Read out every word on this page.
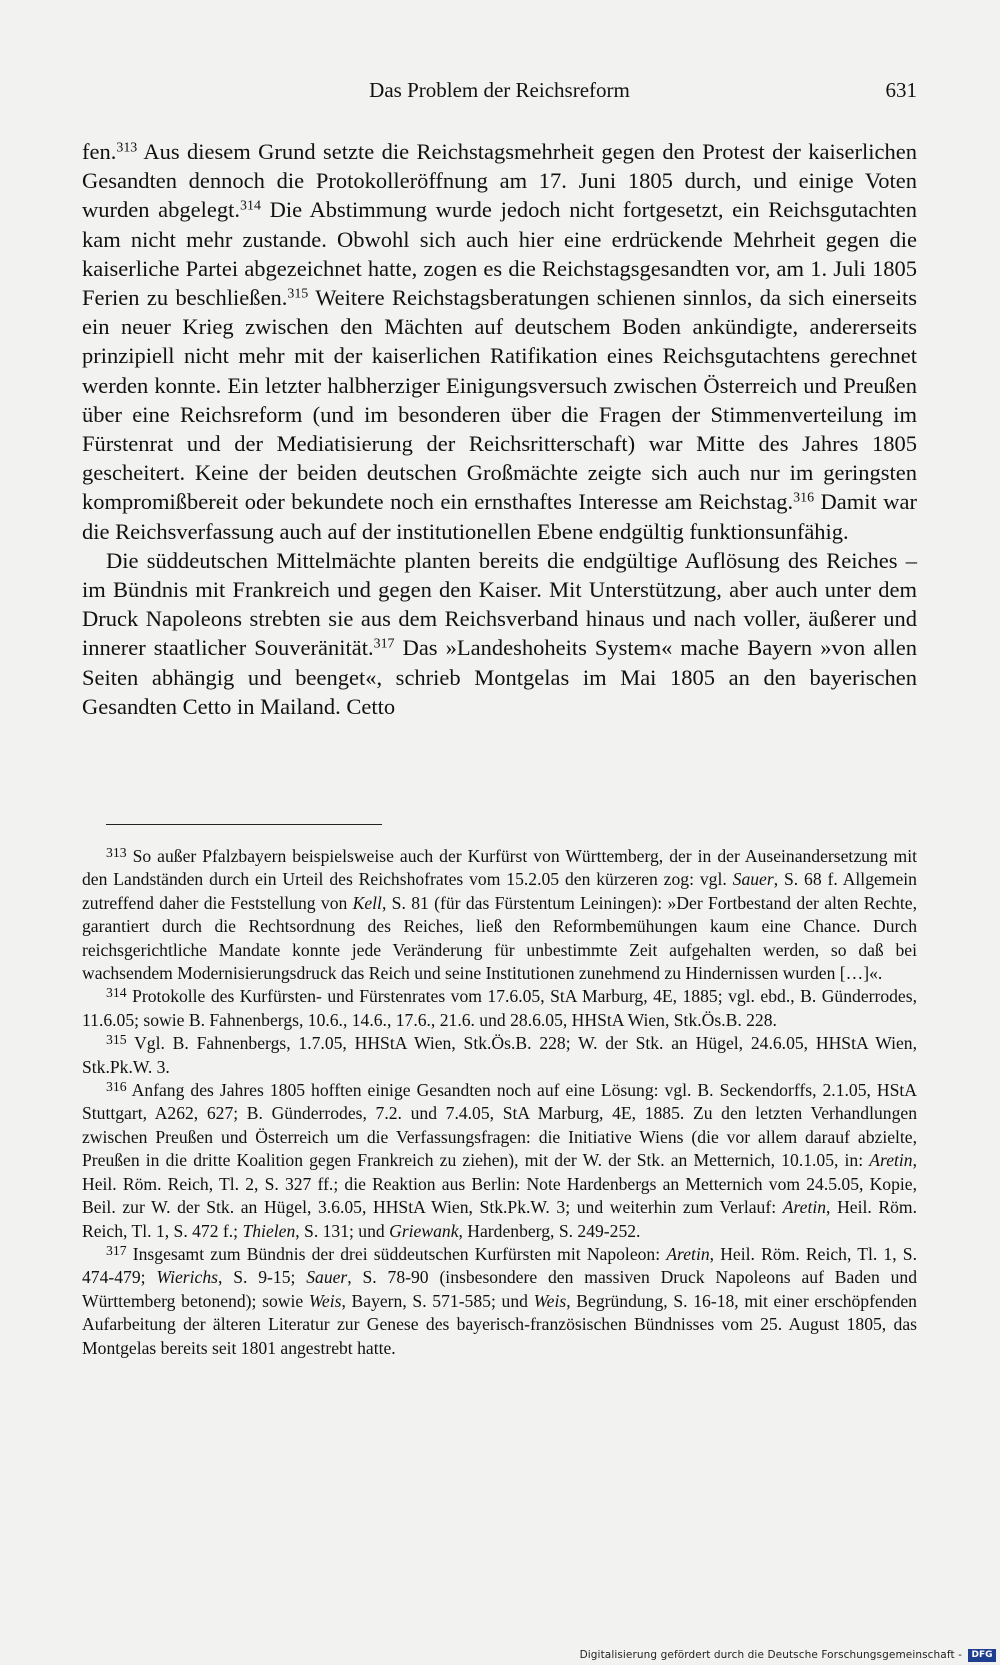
Das Problem der Reichsreform	631

fen.$^{313}$ Aus diesem Grund setzte die Reichstagsmehrheit gegen den Protest der kaiserlichen Gesandten dennoch die Protokolleröffnung am 17. Juni 1805 durch, und einige Voten wurden abgelegt.$^{314}$ Die Abstimmung wurde jedoch nicht fortgesetzt, ein Reichsgutachten kam nicht mehr zustande. Obwohl sich auch hier eine erdrückende Mehrheit gegen die kaiserliche Partei abgezeichnet hatte, zogen es die Reichstagsgesandten vor, am 1. Juli 1805 Ferien zu beschließen.$^{315}$ Weitere Reichstagsberatungen schienen sinnlos, da sich einerseits ein neuer Krieg zwischen den Mächten auf deutschem Boden ankündigte, andererseits prinzipiell nicht mehr mit der kaiserlichen Ratifikation eines Reichsgutachtens gerechnet werden konnte. Ein letzter halbherziger Einigungsversuch zwischen Österreich und Preußen über eine Reichsreform (und im besonderen über die Fragen der Stimmenverteilung im Fürstenrat und der Mediatisierung der Reichsritterschaft) war Mitte des Jahres 1805 gescheitert. Keine der beiden deutschen Großmächte zeigte sich auch nur im geringsten kompromißbereit oder bekundete noch ein ernsthaftes Interesse am Reichstag.$^{316}$ Damit war die Reichsverfassung auch auf der institutionellen Ebene endgültig funktionsunfähig.

Die süddeutschen Mittelmächte planten bereits die endgültige Auflösung des Reiches – im Bündnis mit Frankreich und gegen den Kaiser. Mit Unterstützung, aber auch unter dem Druck Napoleons strebten sie aus dem Reichsverband hinaus und nach voller, äußerer und innerer staatlicher Souveränität.$^{317}$ Das »Landeshoheits System« mache Bayern »von allen Seiten abhängig und beenget«, schrieb Montgelas im Mai 1805 an den bayerischen Gesandten Cetto in Mailand. Cetto

$^{313}$ So außer Pfalzbayern beispielsweise auch der Kurfürst von Württemberg, der in der Auseinandersetzung mit den Landständen durch ein Urteil des Reichshofrates vom 15.2.05 den kürzeren zog: vgl. Sauer, S. 68 f. Allgemein zutreffend daher die Feststellung von Kell, S. 81 (für das Fürstentum Leiningen): »Der Fortbestand der alten Rechte, garantiert durch die Rechtsordnung des Reiches, ließ den Reformbemühungen kaum eine Chance. Durch reichsgerichtliche Mandate konnte jede Veränderung für unbestimmte Zeit aufgehalten werden, so daß bei wachsendem Modernisierungsdruck das Reich und seine Institutionen zunehmend zu Hindernissen wurden […]«.

$^{314}$ Protokolle des Kurfürsten- und Fürstenrates vom 17.6.05, StA Marburg, 4E, 1885; vgl. ebd., B. Günderrodes, 11.6.05; sowie B. Fahnenbergs, 10.6., 14.6., 17.6., 21.6. und 28.6.05, HHStA Wien, Stk.Ös.B. 228.

$^{315}$ Vgl. B. Fahnenbergs, 1.7.05, HHStA Wien, Stk.Ös.B. 228; W. der Stk. an Hügel, 24.6.05, HHStA Wien, Stk.Pk.W. 3.

$^{316}$ Anfang des Jahres 1805 hofften einige Gesandten noch auf eine Lösung: vgl. B. Seckendorffs, 2.1.05, HStA Stuttgart, A262, 627; B. Günderrodes, 7.2. und 7.4.05, StA Marburg, 4E, 1885. Zu den letzten Verhandlungen zwischen Preußen und Österreich um die Verfassungsfragen: die Initiative Wiens (die vor allem darauf abzielte, Preußen in die dritte Koalition gegen Frankreich zu ziehen), mit der W. der Stk. an Metternich, 10.1.05, in: Aretin, Heil. Röm. Reich, Tl. 2, S. 327 ff.; die Reaktion aus Berlin: Note Hardenbergs an Metternich vom 24.5.05, Kopie, Beil. zur W. der Stk. an Hügel, 3.6.05, HHStA Wien, Stk.Pk.W. 3; und weiterhin zum Verlauf: Aretin, Heil. Röm. Reich, Tl. 1, S. 472 f.; Thielen, S. 131; und Griewank, Hardenberg, S. 249-252.

$^{317}$ Insgesamt zum Bündnis der drei süddeutschen Kurfürsten mit Napoleon: Aretin, Heil. Röm. Reich, Tl. 1, S. 474-479; Wierichs, S. 9-15; Sauer, S. 78-90 (insbesondere den massiven Druck Napoleons auf Baden und Württemberg betonend); sowie Weis, Bayern, S. 571-585; und Weis, Begründung, S. 16-18, mit einer erschöpfenden Aufarbeitung der älteren Literatur zur Genese des bayerisch-französischen Bündnisses vom 25. August 1805, das Montgelas bereits seit 1801 angestrebt hatte.

Digitalisierung gefördert durch die Deutsche Forschungsgemeinschaft -	DFG
